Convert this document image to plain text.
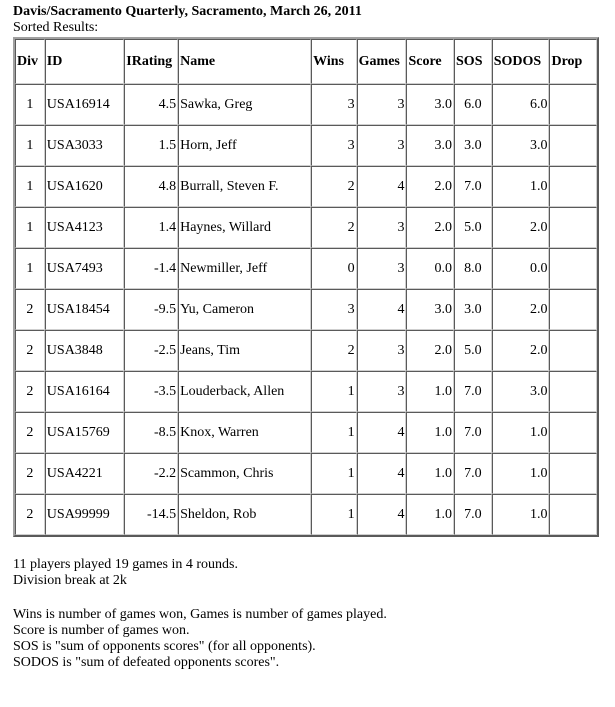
Davis/Sacramento Quarterly, Sacramento, March 26, 2011
Sorted Results:
Div	ID	IRating	Name	Wins	Games	Score	SOS	SODOS	Drop
1	USA16914	4.5	Sawka, Greg	3	3	3.0	6.0	6.0	
1	USA3033	1.5	Horn, Jeff	3	3	3.0	3.0	3.0	
1	USA1620	4.8	Burrall, Steven F.	2	4	2.0	7.0	1.0	
1	USA4123	1.4	Haynes, Willard	2	3	2.0	5.0	2.0	
1	USA7493	-1.4	Newmiller, Jeff	0	3	0.0	8.0	0.0	
2	USA18454	-9.5	Yu, Cameron	3	4	3.0	3.0	2.0	
2	USA3848	-2.5	Jeans, Tim	2	3	2.0	5.0	2.0	
2	USA16164	-3.5	Louderback, Allen	1	3	1.0	7.0	3.0	
2	USA15769	-8.5	Knox, Warren	1	4	1.0	7.0	1.0	
2	USA4221	-2.2	Scammon, Chris	1	4	1.0	7.0	1.0	
2	USA99999	-14.5	Sheldon, Rob	1	4	1.0	7.0	1.0	
11 players played 19 games in 4 rounds.
Division break at 2k
Wins is number of games won, Games is number of games played.
Score is number of games won.
SOS is "sum of opponents scores" (for all opponents).
SODOS is "sum of defeated opponents scores".
